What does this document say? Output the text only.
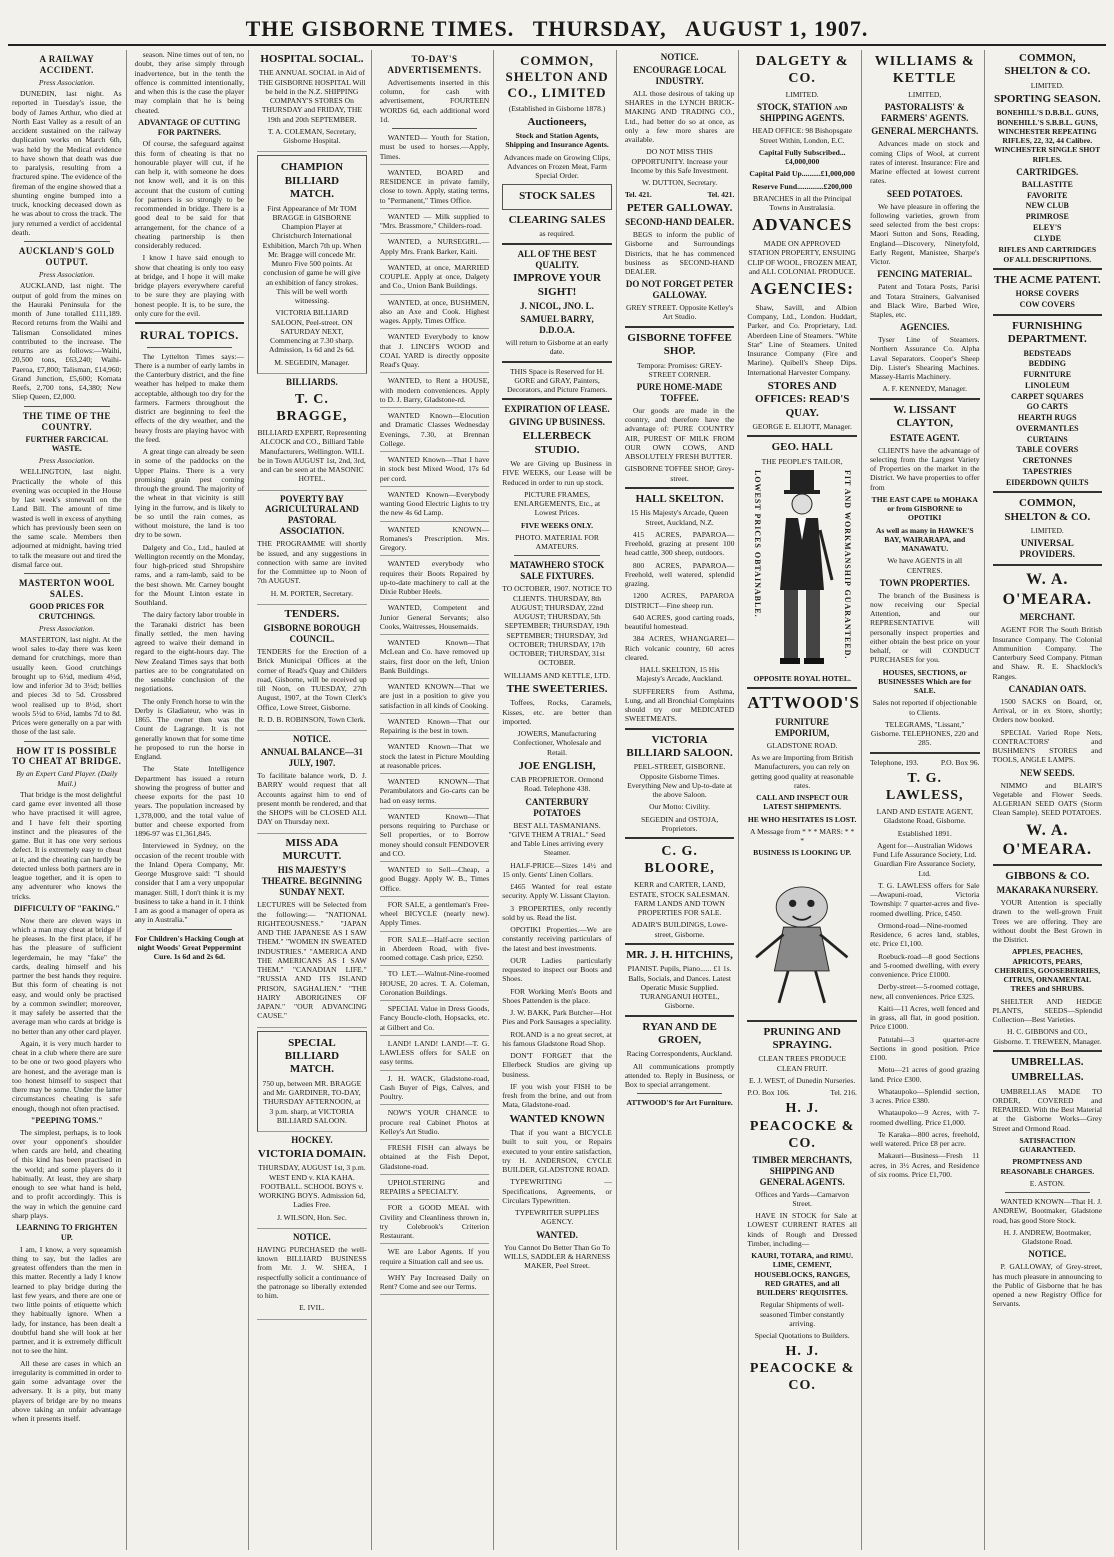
THE GISBORNE TIMES. THURSDAY, AUGUST 1, 1907.
A RAILWAY ACCIDENT.

Press Association.

DUNEDIN, last night. As reported in Tuesday's issue, the body of James Arthur, who died at North East Valley as a result of an accident sustained on the railway duplication works on March 6th, was held by the Medical evidence to have shown that death was due to paralysis, resulting from a fractured spine. The evidence of the fireman of the engine showed that a shunting engine bumped into a truck, knocking deceased down as he was about to cross the track. The jury returned a verdict of accidental death.

AUCKLAND'S GOLD OUTPUT.

Press Association.

AUCKLAND, last night. The output of gold from the mines on the Hauraki Peninsula for the month of June totalled £111,189. Record returns from the Waihi and Talisman Consolidated mines contributed to the increase. The returns are as follows:—Waihi, 20,500 tons, £63,240; Waihi-Paeroa, £7,800; Talisman, £14,960; Grand Junction, £5,600; Komata Reefs, 2,700 tons, £4,380; New Sliep Queen, £2,000.

THE TIME OF THE COUNTRY.
FURTHER FARCICAL WASTE.

Press Association.

WELLINGTON, last night. Practically the whole of this evening was occupied in the House by last week's stonewall on the Land Bill. The amount of time wasted is well in excess of anything which has previously been seen on the same scale. Members then adjourned at midnight, having tried to talk the measure out and tired the dismal farce out.

MASTERTON WOOL SALES.
GOOD PRICES FOR CRUTCHINGS.

Press Association.

MASTERTON, last night. At the wool sales to-day there was keen demand for crutchings, more than usually keen. Good crutchings brought up to 6½d, medium 4½d, low and inferior 3d to 3½d; bellies and pieces 3d to 5d. Crossbred wool realised up to 8½d, short wools 5½d to 6½d, lambs 7d to 8d. Prices were generally on a par with those of the last sale.

HOW IT IS POSSIBLE TO CHEAT AT BRIDGE.

By an Expert Card Player. (Daily Mail.)

That bridge is the most delightful card game ever invented all those who have practised it will agree, and I have felt their sporting instinct and the pleasures of the game. But it has one very serious defect. It is extremely easy to cheat at it, and the cheating can hardly be detected unless both partners are in league together, and it is open to any adventurer who knows the tricks.

DIFFICULTY OF "FAKING."

Now there are eleven ways in which a man may cheat at bridge if he pleases. In the first place, if he has the pleasure of sufficient legerdemain, he may "fake" the cards, dealing himself and his partner the best hands they require. But this form of cheating is not easy, and would only be practised by a common swindler; moreover, it may safely be asserted that the average man who cards at bridge is no better than any other card player.

Again, it is very much harder to cheat in a club where there are sure to be one or two good players who are honest, and the average man is too honest himself to suspect that there may be some. Under the latter circumstances cheating is safe enough, though not often practised.

"PEEPING TOMS."

The simplest, perhaps, is to look over your opponent's shoulder when cards are held, and cheating of this kind has been practised in the world; and some players do it habitually. At least, they are sharp enough to see what hand is held, and to profit accordingly. This is the way in which the genuine card sharp plays.

LEARNING TO FRIGHTEN UP.

I am, I know, a very squeamish thing to say, but the ladies are greatest offenders than the men in this matter. Recently a lady I know learned to play bridge during the last few years, and there are one or two little points of etiquette which they habitually ignore. When a lady, for instance, has been dealt a doubtful hand she will look at her partner, and it is extremely difficult not to see the hint.

All these are cases in which an irregularity is committed in order to gain some advantage over the adversary. It is a pity, but many players of bridge are by no means above taking an unfair advantage when it presents itself.

season. Nine times out of ten, no doubt, they arise simply through inadvertence, but in the tenth the offence is committed intentionally, and when this is the case the player may complain that he is being cheated.

ADVANTAGE OF CUTTING FOR PARTNERS.

Of course, the safeguard against this form of cheating is that no honourable player will cut, if he can help it, with someone he does not know well, and it is on this account that the custom of cutting for partners is so strongly to be recommended in bridge. There is a good deal to be said for that arrangement, for the chance of a cheating partnership is then considerably reduced.

I know I have said enough to show that cheating is only too easy at bridge, and I hope it will make bridge players everywhere careful to be sure they are playing with honest people. It is, to be sure, the only cure for the evil.

RURAL TOPICS.

The Lyttelton Times says:—There is a number of early lambs in the Canterbury district, and the fine weather has helped to make them acceptable, although too dry for the farmers. Farmers throughout the district are beginning to feel the effects of the dry weather, and the heavy frosts are playing havoc with the feed.

A great tinge can already be seen in some of the paddocks on the Upper Plains. There is a very promising grain pest coming through the ground. The majority of the wheat in that vicinity is still lying in the furrow, and is likely to be so until the rain comes, as without moisture, the land is too dry to be sown.

Dalgety and Co., Ltd., hauled at Wellington recently on the Monday, four high-priced stud Shropshire rams, and a ram-lamb, said to be the best shown. Mr. Carney bought for the Mount Linton estate in Southland.

The dairy factory labor trouble in the Taranaki district has been finally settled, the men having agreed to waive their demand in regard to the eight-hours day. The New Zealand Times says that both parties are to be congratulated on the sensible conclusion of the negotiations.

The only French horse to win the Derby is Gladiateur, who was in 1865. The owner then was the Count de Lagrange. It is not generally known that for some time he proposed to run the horse in England.

The State Intelligence Department has issued a return showing the progress of butter and cheese exports for the past 10 years. The population increased by 1,378,000, and the total value of butter and cheese exported from 1896-97 was £1,361,845.

Interviewed in Sydney, on the occasion of the recent trouble with the Inland Opera Company, Mr. George Musgrove said: "I should consider that I am a very unpopular manager. Still, I don't think it is my business to take a hand in it. I think I am as good a manager of opera as any in Australia."

For Children's Hacking Cough at night Woods' Great Peppermint Cure. 1s 6d and 2s 6d.

HOSPITAL SOCIAL.

THE ANNUAL SOCIAL in Aid of THE GISBORNE HOSPITAL Will be held in the N.Z. SHIPPING COMPANY'S STORES On THURSDAY and FRIDAY, THE 19th and 20th SEPTEMBER.

T. A. COLEMAN, Secretary, Gisborne Hospital.

CHAMPION BILLIARD MATCH.

First Appearance of Mr TOM BRAGGE in GISBORNE Champion Player at Christchurch International Exhibition, March 7th up. When Mr. Bragge will concede Mr. Munro Five 500 points. At conclusion of game he will give an exhibition of fancy strokes. This will be well worth witnessing.

VICTORIA BILLIARD SALOON, Peel-street. ON SATURDAY NEXT, Commencing at 7.30 sharp. Admission, 1s 6d and 2s 6d.

M. SEGEDIN, Manager.

BILLIARDS.
T. C. BRAGGE,

BILLIARD EXPERT, Representing ALCOCK and CO., Billiard Table Manufacturers, Wellington. WILL be in Town AUGUST 1st, 2nd, 3rd, and can be seen at the MASONIC HOTEL.

POVERTY BAY AGRICULTURAL AND PASTORAL ASSOCIATION.

THE PROGRAMME will shortly be issued, and any suggestions in connection with same are invited for the Committee up to Noon of 7th AUGUST.

H. M. PORTER, Secretary.

TENDERS.
GISBORNE BOROUGH COUNCIL.

TENDERS for the Erection of a Brick Municipal Offices at the corner of Read's Quay and Childers road, Gisborne, will be received up till Noon, on TUESDAY, 27th August, 1907, at the Town Clerk's Office, Lowe Street, Gisborne.

R. D. B. ROBINSON, Town Clerk.

NOTICE.
ANNUAL BALANCE—31 JULY, 1907.

To facilitate balance work, D. J. BARRY would request that all Accounts against him to end of present month be rendered, and that the SHOPS will be CLOSED ALL DAY on Thursday next.

MISS ADA MURCUTT.
HIS MAJESTY'S THEATRE. BEGINNING SUNDAY NEXT.

LECTURES will be Selected from the following:— "NATIONAL RIGHTEOUSNESS." "JAPAN AND THE JAPANESE AS I SAW THEM." "WOMEN IN SWEATED INDUSTRIES." "AMERICA AND THE AMERICANS AS I SAW THEM." "CANADIAN LIFE." "RUSSIA AND ITS ISLAND PRISON, SAGHALIEN." "THE HAIRY ABORIGINES OF JAPAN." "OUR ADVANCING CAUSE."

SPECIAL BILLIARD MATCH.

750 up, between MR. BRAGGE and Mr. GARDINER, TO-DAY, THURSDAY AFTERNOON, at 3 p.m. sharp, at VICTORIA BILLIARD SALOON.

HOCKEY.
VICTORIA DOMAIN.

THURSDAY, AUGUST 1st, 3 p.m. WEST END v. KIA KAHA. FOOTBALL. SCHOOL BOYS v. WORKING BOYS. Admission 6d, Ladies Free.

J. WILSON, Hon. Sec.

NOTICE.

HAVING PURCHASED the well-known BILLIARD BUSINESS from Mr. J. W. SHEA, I respectfully solicit a continuance of the patronage so liberally extended to him.

E. IVIL.

TO-DAY'S ADVERTISEMENTS.

Advertisements inserted in this column, for cash with advertisement, FOURTEEN WORDS 6d, each additional word 1d.

WANTED— Youth for Station, must be used to horses.—Apply, Times.

WANTED, BOARD and RESIDENCE in private family, close to town. Apply, stating terms, to "Permanent," Times Office.

WANTED — Milk supplied to "Mrs. Brassmore," Childers-road.

WANTED, a NURSEGIRL.— Apply Mrs. Frank Barker, Kaiti.

WANTED, at once, MARRIED COUPLE. Apply at once, Dalgety and Co., Union Bank Buildings.

WANTED, at once, BUSHMEN, also an Axe and Cook. Highest wages. Apply, Times Office.

WANTED Everybody to know that J. LINCH'S WOOD and COAL YARD is directly opposite Read's Quay.

WANTED, to Rent a HOUSE, with modern conveniences. Apply to D. J. Barry, Gladstone-rd.

WANTED Known—Elocution and Dramatic Classes Wednesday Evenings, 7.30, at Brennan College.

WANTED Known—That I have in stock best Mixed Wood, 17s 6d per cord.

WANTED Known—Everybody wanting Good Electric Lights to try the new 4s 6d Lamp.

WANTED KNOWN—Romanes's Prescription. Mrs. Gregory.

WANTED everybody who requires their Boots Repaired by up-to-date machinery to call at the Dixie Rubber Heels.

WANTED, Competent and Junior General Servants; also Cooks, Waitresses, Housemaids.

WANTED Known—That McLean and Co. have removed up stairs, first door on the left, Union Bank Buildings.

WANTED KNOWN—That we are just in a position to give you satisfaction in all kinds of Cooking.

WANTED Known—That our Repairing is the best in town.

WANTED Known—That we stock the latest in Picture Moulding at reasonable prices.

WANTED KNOWN—That Perambulators and Go-carts can be had on easy terms.

WANTED Known—That persons requiring to Purchase or Sell properties, or to Borrow money should consult FENDOVER and CO.

WANTED to Sell—Cheap, a good Buggy. Apply W. B., Times Office.

FOR SALE, a gentleman's Free-wheel BICYCLE (nearly new). Apply Times.

FOR SALE—Half-acre section in Aberdeen Road, with five-roomed cottage. Cash price, £250.

TO LET.—Walnut-Nine-roomed HOUSE, 20 acres. T. A. Coleman, Coronation Buildings.

SPECIAL Value in Dress Goods, Fancy Boucle-cloth, Hopsacks, etc. at Gilbert and Co.

LAND! LAND! LAND!—T. G. LAWLESS offers for SALE on easy terms.

J. H. WACK, Gladstone-road, Cash Buyer of Pigs, Calves, and Poultry.

NOW'S YOUR CHANCE to procure real Cabinet Photos at Kelley's Art Studio.

FRESH FISH can always be obtained at the Fish Depot, Gladstone-road.

UPHOLSTERING and REPAIRS a SPECIALTY.

FOR a GOOD MEAL with Civility and Cleanliness thrown in, try Colebrook's Criterion Restaurant.

WE are Labor Agents. If you require a Situation call and see us.

WHY Pay Increased Daily on Rent? Come and see our Terms.

COMMON, SHELTON AND CO., LIMITED

(Established in Gisborne 1878.)

Auctioneers,

Stock and Station Agents, Shipping and Insurance Agents.

Advances made on Growing Clips, Advances on Frozen Meat, Farm Special Order.

STOCK SALES
CLEARING SALES

as required.

ALL OF THE BEST QUALITY.
IMPROVE YOUR SIGHT!
J. NICOL, JNO. L.
SAMUEL BARRY, D.D.O.A.

will return to Gisborne at an early date.

THIS Space is Reserved for H. GORE and GRAY, Painters, Decorators, and Picture Framers.

EXPIRATION OF LEASE.
GIVING UP BUSINESS.
ELLERBECK STUDIO.

We are Giving up Business in FIVE WEEKS, our Lease will be Reduced in order to run up stock.

PICTURE FRAMES, ENLARGEMENTS, Etc., at Lowest Prices.

FIVE WEEKS ONLY.

PHOTO. MATERIAL FOR AMATEURS.

MATAWHERO STOCK SALE FIXTURES.

TO OCTOBER, 1907. NOTICE TO CLIENTS. THURSDAY, 8th AUGUST; THURSDAY, 22nd AUGUST; THURSDAY, 5th SEPTEMBER; THURSDAY, 19th SEPTEMBER; THURSDAY, 3rd OCTOBER; THURSDAY, 17th OCTOBER; THURSDAY, 31st OCTOBER.

WILLIAMS AND KETTLE, LTD.

THE SWEETERIES.

Toffees, Rocks, Caramels, Kisses, etc. are better than imported.

JOWERS, Manufacturing Confectioner, Wholesale and Retail.

JOE ENGLISH,

CAB PROPRIETOR. Ormond Road. Telephone 438.

CANTERBURY POTATOES

BEST ALL TASMANIANS. "GIVE THEM A TRIAL." Seed and Table Lines arriving every Steamer.

HALF-PRICE—Sizes 14½ and 15 only. Gents' Linen Collars.

£465 Wanted for real estate security. Apply W. Lissant Clayton.

3 PROPERTIES, only recently sold by us. Read the list.

OPOTIKI Properties.—We are constantly receiving particulars of the latest and best investments.

OUR Ladies particularly requested to inspect our Boots and Shoes.

FOR Working Men's Boots and Shoes Pattenden is the place.

J. W. BAKK, Park Butcher—Hot Pies and Pork Sausages a speciality.

ROLAND is a no great secret, at his famous Gladstone Road Shop.

DON'T FORGET that the Ellerbeck Studios are giving up business.

IF you wish your FISH to be fresh from the brine, and out from Mata, Gladstone-road.

WANTED KNOWN

That if you want a BICYCLE built to suit you, or Repairs executed to your entire satisfaction, try H. ANDERSON, CYCLE BUILDER, GLADSTONE ROAD.

TYPEWRITING — Specifications, Agreements, or Circulars Typewritten.

TYPEWRITER SUPPLIES AGENCY.

WANTED.

You Cannot Do Better Than Go To WILLS, SADDLER & HARNESS MAKER, Peel Street.

NOTICE.
ENCOURAGE LOCAL INDUSTRY.

ALL those desirous of taking up SHARES in the LYNCH BRICK-MAKING AND TRADING CO., Ltd., had better do so at once, as only a few more shares are available.

DO NOT MISS THIS OPPORTUNITY. Increase your Income by this Safe Investment.

W. DUTTON, Secretary.

Tel. 421.	Tel. 421.
PETER GALLOWAY.
SECOND-HAND DEALER.

BEGS to inform the public of Gisborne and Surroundings Districts, that he has commenced business as SECOND-HAND DEALER.

DO NOT FORGET PETER GALLOWAY.

GREY STREET. Opposite Kelley's Art Studio.

GISBORNE TOFFEE SHOP.

Tempora: Promises: GREY-STREET CORNER.

PURE HOME-MADE TOFFEE.

Our goods are made in the country, and therefore have the advantage of: PURE COUNTRY AIR, PUREST OF MILK FROM OUR OWN COWS, AND ABSOLUTELY FRESH BUTTER.

GISBORNE TOFFEE SHOP, Grey-street.

HALL SKELTON.

15 His Majesty's Arcade, Queen Street, Auckland, N.Z.

415 ACRES, PAPAROA—Freehold, grazing at present 100 head cattle, 300 sheep, outdoors.

800 ACRES, PAPAROA—Freehold, well watered, splendid grazing.

1200 ACRES, PAPAROA DISTRICT—Fine sheep run.

640 ACRES, good carting roads, beautiful homestead.

384 ACRES, WHANGAREI—Rich volcanic country, 60 acres cleared.

HALL SKELTON, 15 His Majesty's Arcade, Auckland.

SUFFERERS from Asthma, Lung, and all Bronchial Complaints should try our MEDICATED SWEETMEATS.

VICTORIA BILLIARD SALOON.

PEEL-STREET, GISBORNE. Opposite Gisborne Times. Everything New and Up-to-date at the above Saloon.

Our Motto: Civility.

SEGEDIN and OSTOJA, Proprietors.

C. G. BLOORE,

KERR and CARTER, LAND, ESTATE, STOCK SALESMAN. FARM LANDS AND TOWN PROPERTIES FOR SALE.

ADAIR'S BUILDINGS, Lowe-street, Gisborne.

MR. J. H. HITCHINS,

PIANIST. Pupils, Piano...... £1 1s. Balls, Socials, and Dances. Latest Operatic Music Supplied. TURANGANUI HOTEL, Gisborne.

RYAN AND DE GROEN,

Racing Correspondents, Auckland.

All communications promptly attended to. Reply in Business, or Box to special arrangement.

ATTWOOD'S for Art Furniture.

DALGETY & CO.

LIMITED.

STOCK, STATION and SHIPPING AGENTS.

HEAD OFFICE: 98 Bishopsgate Street Within, London, E.C.

Capital Fully Subscribed...£4,000,000

Capital Paid Up..........£1,000,000

Reserve Fund..............£200,000

BRANCHES in all the Principal Towns in Australasia.

ADVANCES

MADE ON APPROVED STATION PROPERTY, ENSUING CLIP OF WOOL, FROZEN MEAT, and ALL COLONIAL PRODUCE.

AGENCIES:

Shaw, Savill, and Albion Company, Ltd., London. Huddart, Parker, and Co. Proprietary, Ltd. Aberdeen Line of Steamers. "White Star" Line of Steamers. United Insurance Company (Fire and Marine). Quibell's Sheep Dips. International Harvester Company.

STORES AND OFFICES: READ'S QUAY.

GEORGE E. ELIOTT, Manager.

GEO. HALL

THE PEOPLE'S TAILOR,

LOWEST PRICES OBTAINABLE.	FIT AND WORKMANSHIP GUARANTEED.

OPPOSITE ROYAL HOTEL.

ATTWOOD'S
FURNITURE EMPORIUM,

GLADSTONE ROAD.

As we are Importing from British Manufacturers, you can rely on getting good quality at reasonable rates.

CALL AND INSPECT OUR LATEST SHIPMENTS.

HE WHO HESITATES IS LOST.

A Message from * * * MARS: * * *

BUSINESS IS LOOKING UP.

PRUNING AND SPRAYING.

CLEAN TREES PRODUCE CLEAN FRUIT.

E. J. WEST, of Dunedin Nurseries.

P.O. Box 106.	Tel. 216.
H. J. PEACOCKE & CO.
TIMBER MERCHANTS, SHIPPING AND GENERAL AGENTS.

Offices and Yards—Carnarvon Street.

HAVE IN STOCK for Sale at LOWEST CURRENT RATES all kinds of Rough and Dressed Timber, including—

KAURI, TOTARA, and RIMU. LIME, CEMENT, HOUSEBLOCKS, RANGES, RED GRATES, and all BUILDERS' REQUISITES.

Regular Shipments of well-seasoned Timber constantly arriving.

Special Quotations to Builders.

H. J. PEACOCKE & CO.
WILLIAMS & KETTLE

LIMITED,

PASTORALISTS' & FARMERS' AGENTS.
GENERAL MERCHANTS.

Advances made on stock and coming Clips of Wool, at current rates of interest. Insurance: Fire and Marine effected at lowest current rates.

SEED POTATOES.

We have pleasure in offering the following varieties, grown from seed selected from the best crops: Maori Sutton and Sons, Reading, England—Discovery, Ninetyfold, Early Regent, Manistee, Sharpe's Victor.

FENCING MATERIAL.

Patent and Totara Posts, Parisi and Totara Strainers, Galvanised and Black Wire, Barbed Wire, Staples, etc.

AGENCIES.

Tyser Line of Steamers. Northern Assurance Co. Alpha Laval Separators. Cooper's Sheep Dip. Lister's Shearing Machines. Massey-Harris Machinery.

A. F. KENNEDY, Manager.

W. LISSANT CLAYTON,
ESTATE AGENT.

CLIENTS have the advantage of selecting from the Largest Variety of Properties on the market in the District. We have properties to offer from

THE EAST CAPE to MOHAKA or from GISBORNE to OPOTIKI

As well as many in HAWKE'S BAY, WAIRARAPA, and MANAWATU.

We have AGENTS in all CENTRES.

TOWN PROPERTIES.

The branch of the Business is now receiving our Special Attention, and our REPRESENTATIVE will personally inspect properties and either obtain the best price on your behalf, or will CONDUCT PURCHASES for you.

HOUSES, SECTIONS, or BUSINESSES Which are for SALE.

Sales not reported if objectionable to Clients.

TELEGRAMS, "Lissant," Gisborne. TELEPHONES, 220 and 285.

Telephone, 193.	P.O. Box 96.
T. G. LAWLESS,

LAND AND ESTATE AGENT, Gladstone Road, Gisborne.

Established 1891.

Agent for—Australian Widows Fund Life Assurance Society, Ltd. Guardian Fire Assurance Society, Ltd.

T. G. LAWLESS offers for Sale—Awapuni-road, Victoria Township: 7 quarter-acres and five-roomed dwelling. Price, £450.

Ormond-road—Nine-roomed Residence, 6 acres land, stables, etc. Price £1,100.

Roebuck-road—8 good Sections and 5-roomed dwelling, with every convenience. Price £1000.

Derby-street—5-roomed cottage, new, all conveniences. Price £325.

Kaiti—11 Acres, well fenced and in grass, all flat, in good position. Price £1000.

Patutahi—3 quarter-acre Sections in good position. Price £100.

Motu—21 acres of good grazing land. Price £300.

Whataupoko—Splendid section, 3 acres. Price £380.

Whataupoko—9 Acres, with 7-roomed dwelling. Price £1,000.

Te Karaka—800 acres, freehold, well watered. Price £8 per acre.

Makauri—Business—Fresh 11 acres, in 3½ Acres, and Residence of six rooms. Price £1,700.

COMMON, SHELTON & CO.

LIMITED.

SPORTING SEASON.

BONEHILL'S D.B.B.L. GUNS, BONEHILL'S S.B.B.L. GUNS, WINCHESTER REPEATING RIFLES, 22, 32, 44 Calibre. WINCHESTER SINGLE SHOT RIFLES.

CARTRIDGES.
BALLASTITE
FAVORITE
NEW CLUB
PRIMROSE
ELEY'S
CLYDE

RIFLES AND CARTRIDGES OF ALL DESCRIPTIONS.

THE ACME PATENT.
HORSE COVERS
COW COVERS
FURNISHING DEPARTMENT.
BEDSTEADS
BEDDING
FURNITURE
LINOLEUM
CARPET SQUARES
GO CARTS
HEARTH RUGS
OVERMANTLES
CURTAINS
TABLE COVERS
CRETONNES
TAPESTRIES
EIDERDOWN QUILTS
COMMON, SHELTON & CO.

LIMITED.

UNIVERSAL PROVIDERS.
W. A. O'MEARA.
MERCHANT.

AGENT FOR The South British Insurance Company. The Colonial Ammunition Company. The Canterbury Seed Company. Pitman and Shaw. R. E. Shacklock's Ranges.

CANADIAN OATS.

1500 SACKS on Board, or, Arrival, or in ex Store, shortly; Orders now booked.

SPECIAL Varied Rope Nets, CONTRACTORS' and BUSHMEN'S STORES and TOOLS, ANGLE LAMPS.

NEW SEEDS.

NIMMO and BLAIR'S Vegetable and Flower Seeds. ALGERIAN SEED OATS (Storm Clean Sample). SEED POTATOES.

W. A. O'MEARA.
GIBBONS & CO.
MAKARAKA NURSERY.

YOUR Attention is specially drawn to the well-grown Fruit Trees we are offering. They are without doubt the Best Grown in the District.

APPLES, PEACHES, APRICOTS, PEARS, CHERRIES, GOOSEBERRIES, CITRUS, ORNAMENTAL TREES and SHRUBS.

SHELTER AND HEDGE PLANTS, SEEDS—Splendid Collection—Best Varieties.

H. C. GIBBONS and CO., Gisborne. T. TREWEEN, Manager.

UMBRELLAS.
UMBRELLAS.

UMBRELLAS MADE TO ORDER, COVERED and REPAIRED. With the Best Material at the Gisborne Works—Grey Street and Ormond Road.

SATISFACTION GUARANTEED.

PROMPTNESS AND REASONABLE CHARGES.

E. ASTON.

WANTED KNOWN—That H. J. ANDREW, Bootmaker, Gladstone road, has good Store Stock.

H. J. ANDREW, Bootmaker, Gladstone Road.

NOTICE.

P. GALLOWAY, of Grey-street, has much pleasure in announcing to the Public of Gisborne that he has opened a new Registry Office for Servants.
